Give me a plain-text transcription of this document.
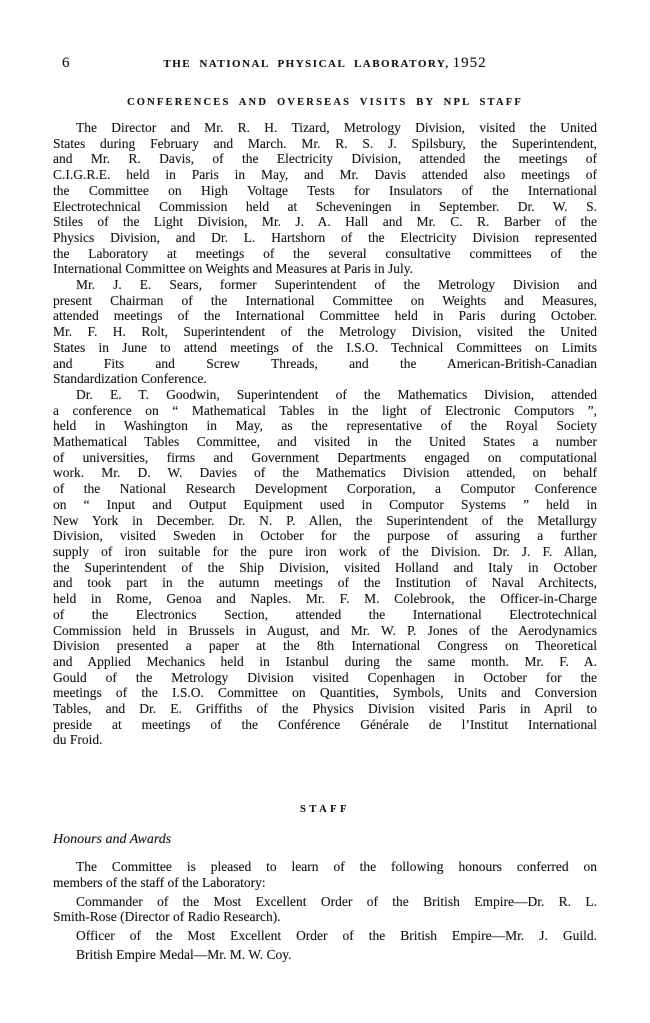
6	THE NATIONAL PHYSICAL LABORATORY, 1952
CONFERENCES AND OVERSEAS VISITS BY NPL STAFF
The Director and Mr. R. H. Tizard, Metrology Division, visited the United
States during February and March. Mr. R. S. J. Spilsbury, the Superintendent,
and Mr. R. Davis, of the Electricity Division, attended the meetings of
C.I.G.R.E. held in Paris in May, and Mr. Davis attended also meetings of
the Committee on High Voltage Tests for Insulators of the International
Electrotechnical Commission held at Scheveningen in September. Dr. W. S.
Stiles of the Light Division, Mr. J. A. Hall and Mr. C. R. Barber of the
Physics Division, and Dr. L. Hartshorn of the Electricity Division represented
the Laboratory at meetings of the several consultative committees of the
International Committee on Weights and Measures at Paris in July.
Mr. J. E. Sears, former Superintendent of the Metrology Division and
present Chairman of the International Committee on Weights and Measures,
attended meetings of the International Committee held in Paris during October.
Mr. F. H. Rolt, Superintendent of the Metrology Division, visited the United
States in June to attend meetings of the I.S.O. Technical Committees on Limits
and Fits and Screw Threads, and the American-British-Canadian
Standardization Conference.
Dr. E. T. Goodwin, Superintendent of the Mathematics Division, attended
a conference on “ Mathematical Tables in the light of Electronic Computors ”,
held in Washington in May, as the representative of the Royal Society
Mathematical Tables Committee, and visited in the United States a number
of universities, firms and Government Departments engaged on computational
work. Mr. D. W. Davies of the Mathematics Division attended, on behalf
of the National Research Development Corporation, a Computor Conference
on “ Input and Output Equipment used in Computor Systems ” held in
New York in December. Dr. N. P. Allen, the Superintendent of the Metallurgy
Division, visited Sweden in October for the purpose of assuring a further
supply of iron suitable for the pure iron work of the Division. Dr. J. F. Allan,
the Superintendent of the Ship Division, visited Holland and Italy in October
and took part in the autumn meetings of the Institution of Naval Architects,
held in Rome, Genoa and Naples. Mr. F. M. Colebrook, the Officer-in-Charge
of the Electronics Section, attended the International Electrotechnical
Commission held in Brussels in August, and Mr. W. P. Jones of the Aerodynamics
Division presented a paper at the 8th International Congress on Theoretical
and Applied Mechanics held in Istanbul during the same month. Mr. F. A.
Gould of the Metrology Division visited Copenhagen in October for the
meetings of the I.S.O. Committee on Quantities, Symbols, Units and Conversion
Tables, and Dr. E. Griffiths of the Physics Division visited Paris in April to
preside at meetings of the Conférence Générale de l’Institut International
du Froid.
STAFF
Honours and Awards
The Committee is pleased to learn of the following honours conferred on
members of the staff of the Laboratory:
Commander of the Most Excellent Order of the British Empire—Dr. R. L.
Smith-Rose (Director of Radio Research).
Officer of the Most Excellent Order of the British Empire—Mr. J. Guild.
British Empire Medal—Mr. M. W. Coy.
